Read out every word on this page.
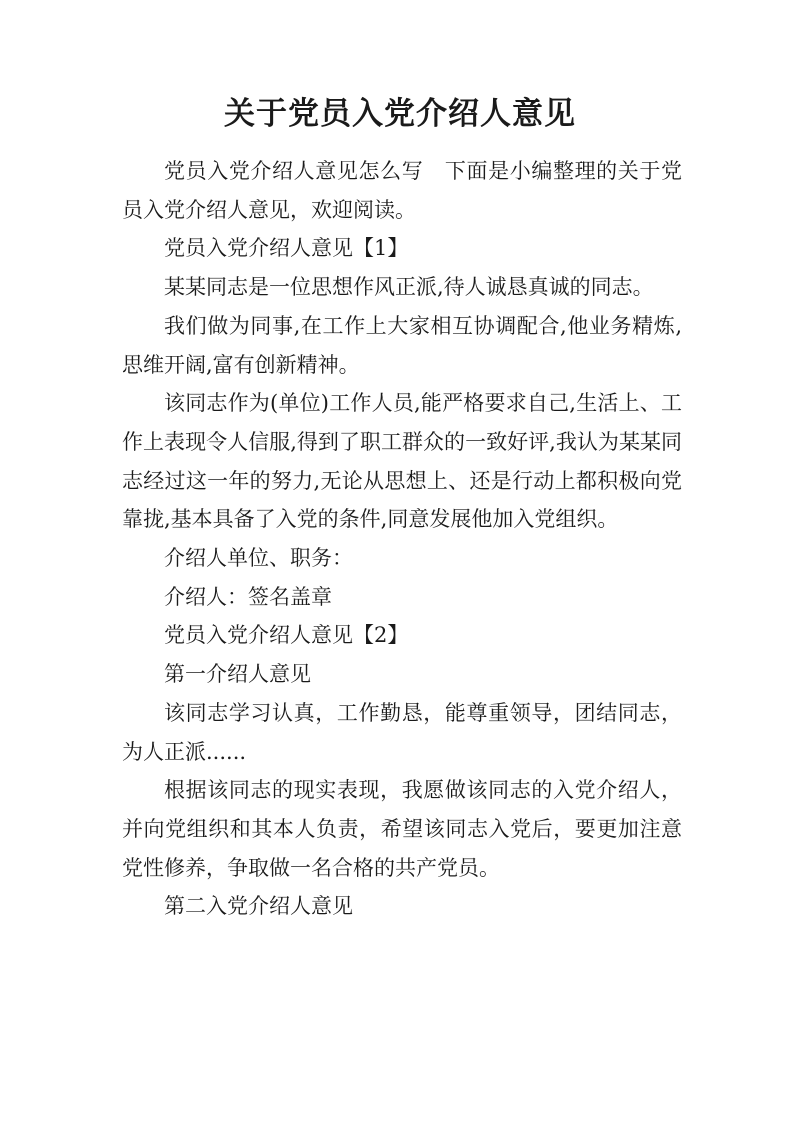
关于党员入党介绍人意见

党员入党介绍人意见怎么写　下面是小编整理的关于党员入党介绍人意见，欢迎阅读。

党员入党介绍人意见【1】

某某同志是一位思想作风正派,待人诚恳真诚的同志。

我们做为同事,在工作上大家相互协调配合,他业务精炼,思维开阔,富有创新精神。

该同志作为(单位)工作人员,能严格要求自己,生活上、工作上表现令人信服,得到了职工群众的一致好评,我认为某某同志经过这一年的努力,无论从思想上、还是行动上都积极向党靠拢,基本具备了入党的条件,同意发展他加入党组织。

介绍人单位、职务：

介绍人：签名盖章

党员入党介绍人意见【2】

第一介绍人意见

该同志学习认真，工作勤恳，能尊重领导，团结同志，为人正派......

根据该同志的现实表现，我愿做该同志的入党介绍人，并向党组织和其本人负责，希望该同志入党后，要更加注意党性修养，争取做一名合格的共产党员。

第二入党介绍人意见
